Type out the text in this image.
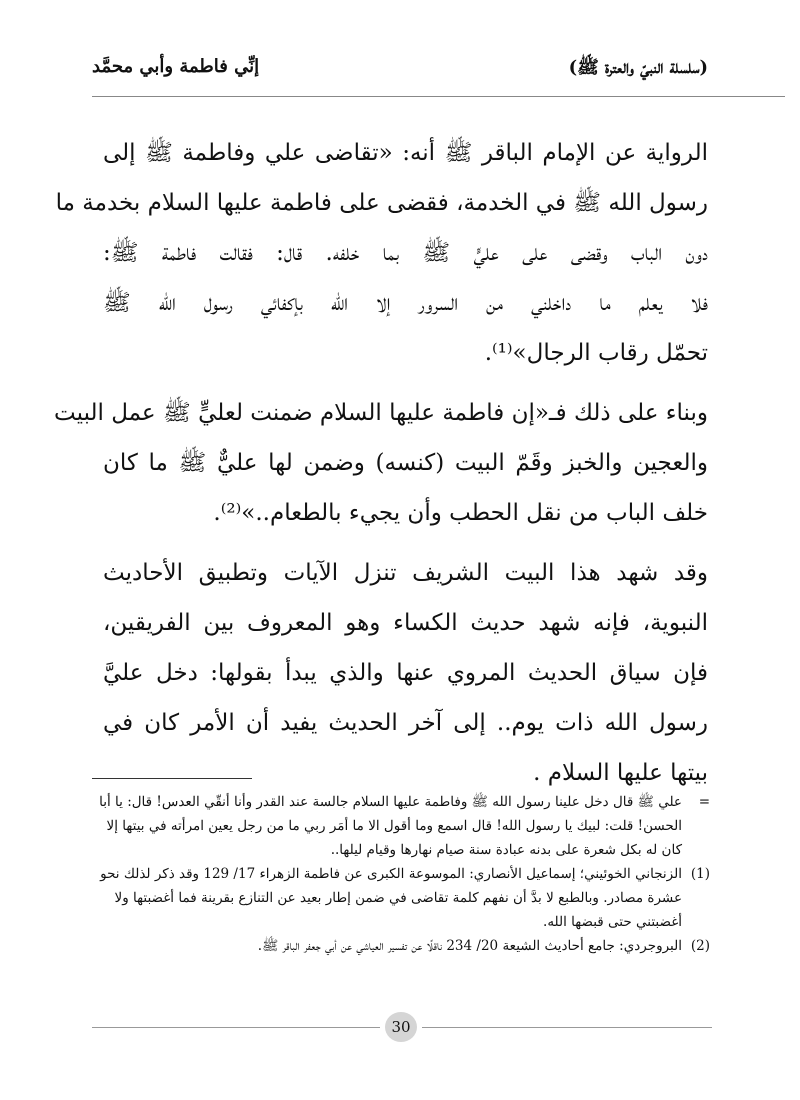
(سلسلة النبيّ والعترة ﷺ)
إنِّي فاطمة وأبي محمَّد
الرواية عن الإمام الباقر ﷺ أنه: «تقاضى علي وفاطمة ﷺ إلى
رسول الله ﷺ في الخدمة، فقضى على فاطمة عليها السلام بخدمة ما
دون الباب وقضى على عليٍّ ﷺ بما خلفه. قال: فقالت فاطمة ﷺ:
فلا يعلم ما داخلني من السرور إلا الله بإكفائي رسول الله ﷺ
تحمّل رقاب الرجال»⁽¹⁾.
وبناء على ذلك فـ«إن فاطمة عليها السلام ضمنت لعليٍّ ﷺ عمل البيت
والعجين والخبز وقَمّ البيت (كنسه) وضمن لها عليٌّ ﷺ ما كان
خلف الباب من نقل الحطب وأن يجيء بالطعام..»⁽²⁾.
وقد شهد هذا البيت الشريف تنزل الآيات وتطبيق الأحاديث
النبوية، فإنه شهد حديث الكساء وهو المعروف بين الفريقين،
فإن سياق الحديث المروي عنها والذي يبدأ بقولها: دخل عليَّ
رسول الله ذات يوم.. إلى آخر الحديث يفيد أن الأمر كان في
بيتها عليها السلام .
=
علي ﷺ قال دخل علينا رسول الله ﷺ وفاطمة عليها السلام جالسة عند القدر وأنا أنقّي العدس! قال: يا أبا الحسن! قلت: لبيك يا رسول الله! قال اسمع وما أقول الا ما أمَر ربي ما من رجل يعين امرأته في بيتها إلا كان له بكل شعرة على بدنه عبادة سنة صيام نهارها وقيام ليلها..
(1)
الزنجاني الخوئيني؛ إسماعيل الأنصاري: الموسوعة الكبرى عن فاطمة الزهراء 17/ 129 وقد ذكر لذلك نحو عشرة مصادر. وبالطبع لا بدَّ أن نفهم كلمة تقاضى في ضمن إطار بعيد عن التنازع بقرينة فما أغضبتها ولا أغضبتني حتى قبضها الله.
(2)
البروجردي: جامع أحاديث الشيعة 20/ 234 ناقلًا عن تفسير العياشي عن أبي جعفر الباقر ﷺ.
30
